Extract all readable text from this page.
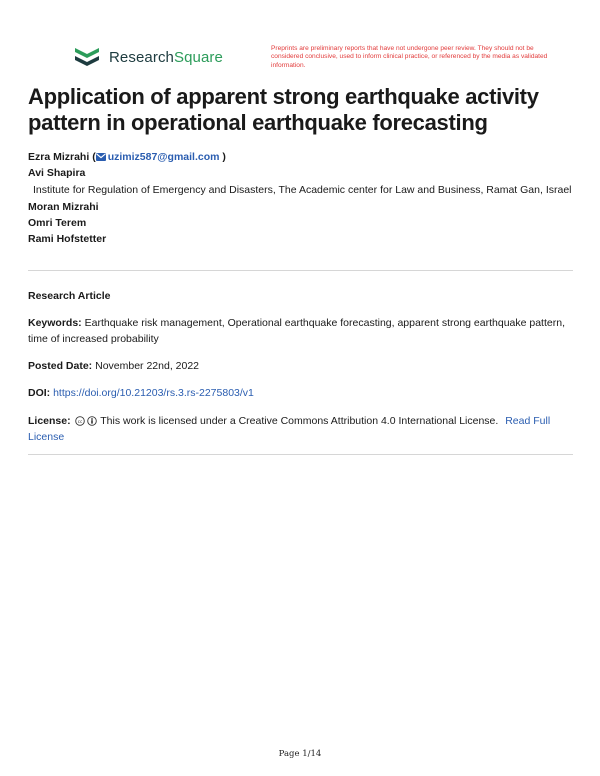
ResearchSquare	Preprints are preliminary reports that have not undergone peer review. They should not be considered conclusive, used to inform clinical practice, or referenced by the media as validated information.
Application of apparent strong earthquake activity pattern in operational earthquake forecasting
Ezra Mizrahi ( uzimiz587@gmail.com )
Avi Shapira
Institute for Regulation of Emergency and Disasters, The Academic center for Law and Business, Ramat Gan, Israel
Moran Mizrahi
Omri Terem
Rami Hofstetter
Research Article
Keywords: Earthquake risk management, Operational earthquake forecasting, apparent strong earthquake pattern, time of increased probability
Posted Date: November 22nd, 2022
DOI: https://doi.org/10.21203/rs.3.rs-2275803/v1
License: cc This work is licensed under a Creative Commons Attribution 4.0 International License. Read Full License
Page 1/14
